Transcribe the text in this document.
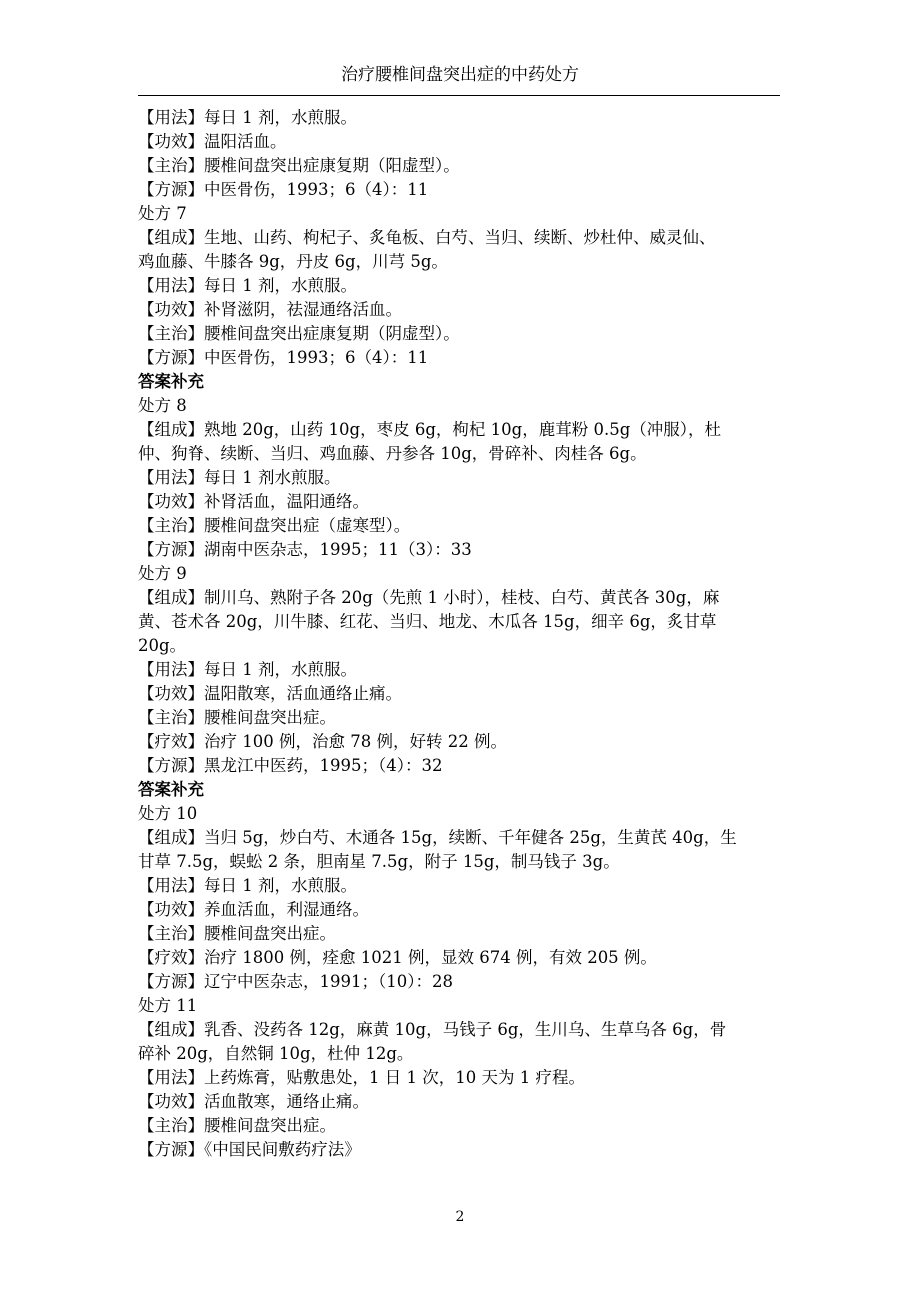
治疗腰椎间盘突出症的中药处方
【用法】每日 1 剂，水煎服。
【功效】温阳活血。
【主治】腰椎间盘突出症康复期（阳虚型）。
【方源】中医骨伤，1993；6（4）：11
处方 7
【组成】生地、山药、枸杞子、炙龟板、白芍、当归、续断、炒杜仲、威灵仙、
鸡血藤、牛膝各 9g，丹皮 6g，川芎 5g。
【用法】每日 1 剂，水煎服。
【功效】补肾滋阴，祛湿通络活血。
【主治】腰椎间盘突出症康复期（阴虚型）。
【方源】中医骨伤，1993；6（4）：11
答案补充
处方 8
【组成】熟地 20g，山药 10g，枣皮 6g，枸杞 10g，鹿茸粉 0.5g（冲服），杜
仲、狗脊、续断、当归、鸡血藤、丹参各 10g，骨碎补、肉桂各 6g。
【用法】每日 1 剂水煎服。
【功效】补肾活血，温阳通络。
【主治】腰椎间盘突出症（虚寒型）。
【方源】湖南中医杂志，1995；11（3）：33
处方 9
【组成】制川乌、熟附子各 20g（先煎 1 小时），桂枝、白芍、黄芪各 30g，麻
黄、苍术各 20g，川牛膝、红花、当归、地龙、木瓜各 15g，细辛 6g，炙甘草
20g。
【用法】每日 1 剂，水煎服。
【功效】温阳散寒，活血通络止痛。
【主治】腰椎间盘突出症。
【疗效】治疗 100 例，治愈 78 例，好转 22 例。
【方源】黑龙江中医药，1995；（4）：32
答案补充
处方 10
【组成】当归 5g，炒白芍、木通各 15g，续断、千年健各 25g，生黄芪 40g，生
甘草 7.5g，蜈蚣 2 条，胆南星 7.5g，附子 15g，制马钱子 3g。
【用法】每日 1 剂，水煎服。
【功效】养血活血，利湿通络。
【主治】腰椎间盘突出症。
【疗效】治疗 1800 例，痊愈 1021 例，显效 674 例，有效 205 例。
【方源】辽宁中医杂志，1991；（10）：28
处方 11
【组成】乳香、没药各 12g，麻黄 10g，马钱子 6g，生川乌、生草乌各 6g，骨
碎补 20g，自然铜 10g，杜仲 12g。
【用法】上药炼膏，贴敷患处，1 日 1 次，10 天为 1 疗程。
【功效】活血散寒，通络止痛。
【主治】腰椎间盘突出症。
【方源】《中国民间敷药疗法》
2
